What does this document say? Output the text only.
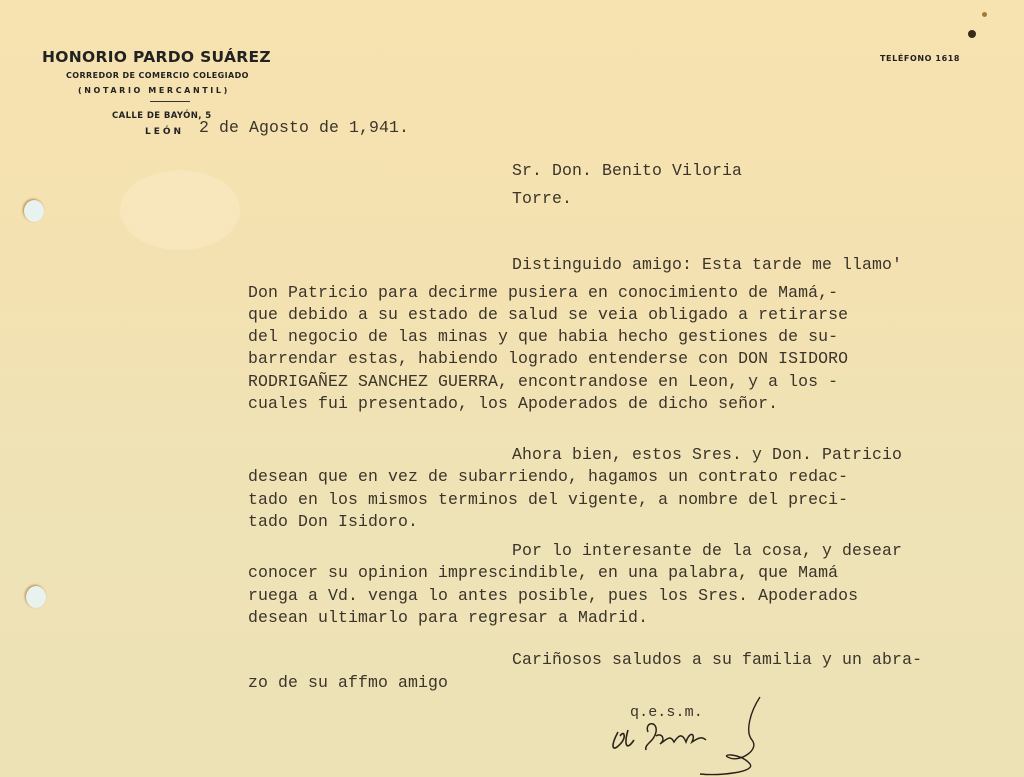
HONORIO PARDO SUÁREZ
CORREDOR DE COMERCIO COLEGIADO
(NOTARIO MERCANTIL)
CALLE DE BAYÓN, 5
LEÓN
TELÉFONO 1618
2 de Agosto de 1,941.
Sr. Don. Benito Viloria
Torre.
Distinguido amigo: Esta tarde me llamo'
Don Patricio para decirme pusiera en conocimiento de Mamá,-
que debido a su estado de salud se veia obligado a retirarse
del negocio de las minas y que habia hecho gestiones de su-
barrendar estas, habiendo logrado entenderse con DON ISIDORO
RODRIGAÑEZ SANCHEZ GUERRA, encontrandose en Leon, y a los -
cuales fui presentado, los Apoderados de dicho señor.
Ahora bien, estos Sres. y Don. Patricio
desean que en vez de subarriendo, hagamos un contrato redac-
tado en los mismos terminos del vigente, a nombre del preci-
tado Don Isidoro.
Por lo interesante de la cosa, y desear
conocer su opinion imprescindible, en una palabra, que Mamá
ruega a Vd. venga lo antes posible, pues los Sres. Apoderados
desean ultimarlo para regresar a Madrid.
Cariñosos saludos a su familia y un abra-
zo de su affmo amigo
q.e.s.m.
